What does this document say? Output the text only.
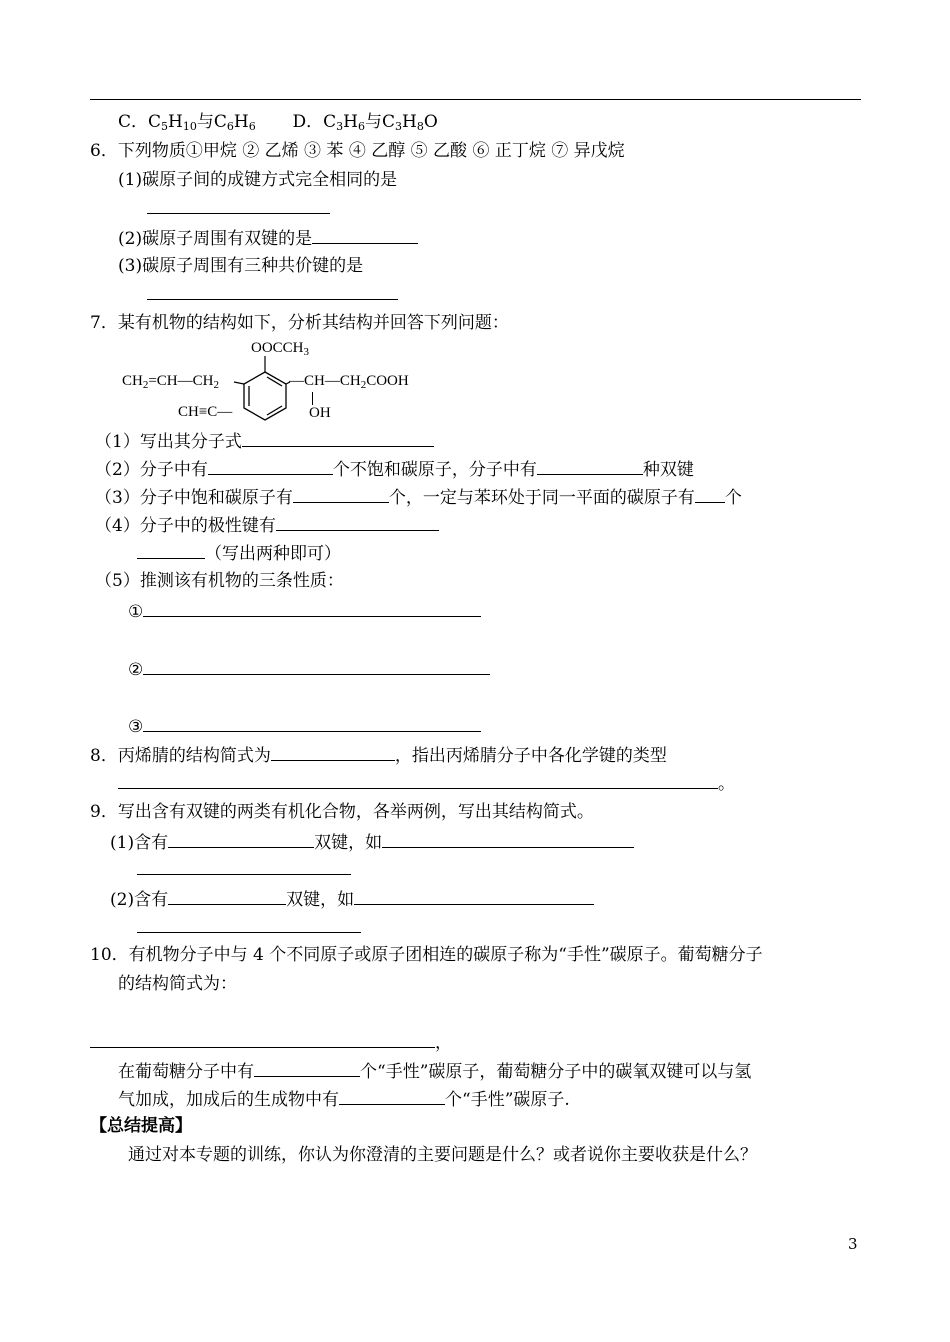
C．$C_5H_{10}$与$C_6H_6$ D．$C_3H_6$与$C_3H_8O$
6．下列物质①甲烷 ② 乙烯 ③ 苯 ④ 乙醇 ⑤ 乙酸 ⑥ 正丁烷 ⑦ 异戊烷
(1)碳原子间的成键方式完全相同的是
(2)碳原子周围有双键的是
(3)碳原子周围有三种共价键的是
7．某有机物的结构如下，分析其结构并回答下列问题：
$OOCCH_3$
$CH_2=CH—CH_2$	$—CH—CH_2COOH$
OH
CH≡C—
（1）写出其分子式
（2）分子中有	个不饱和碳原子，分子中有	种双键
（3）分子中饱和碳原子有	个，一定与苯环处于同一平面的碳原子有 个
（4）分子中的极性键有
（写出两种即可）
（5）推测该有机物的三条性质：
①
②
③
8．丙烯腈的结构简式为	，指出丙烯腈分子中各化学键的类型
。
9．写出含有双键的两类有机化合物，各举两例，写出其结构简式。
(1)含有	双键，如
(2)含有	双键，如
10．有机物分子中与 4 个不同原子或原子团相连的碳原子称为“手性”碳原子。葡萄糖分子
的结构简式为：
，
在葡萄糖分子中有	个“手性”碳原子，葡萄糖分子中的碳氧双键可以与氢
气加成，加成后的生成物中有	个“手性”碳原子.
【总结提高】
通过对本专题的训练，你认为你澄清的主要问题是什么？或者说你主要收获是什么？
3
